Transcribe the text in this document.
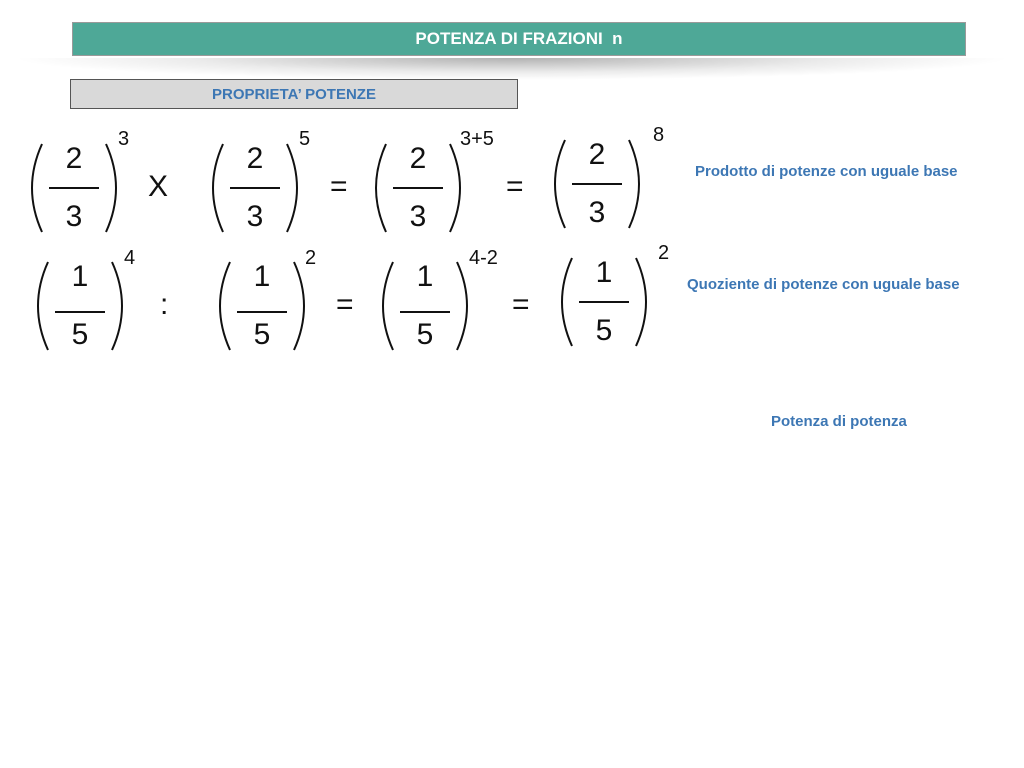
POTENZA DI FRAZIONI  n
PROPRIETA’ POTENZE
2
3
3
X
2
3
5
=
2
3
3+5
=
2
3
8
Prodotto di potenze con uguale base
1
5
4
:
1
5
2
=
1
5
4-2
=
1
5
2
Quoziente di potenze con uguale base
Potenza di potenza
